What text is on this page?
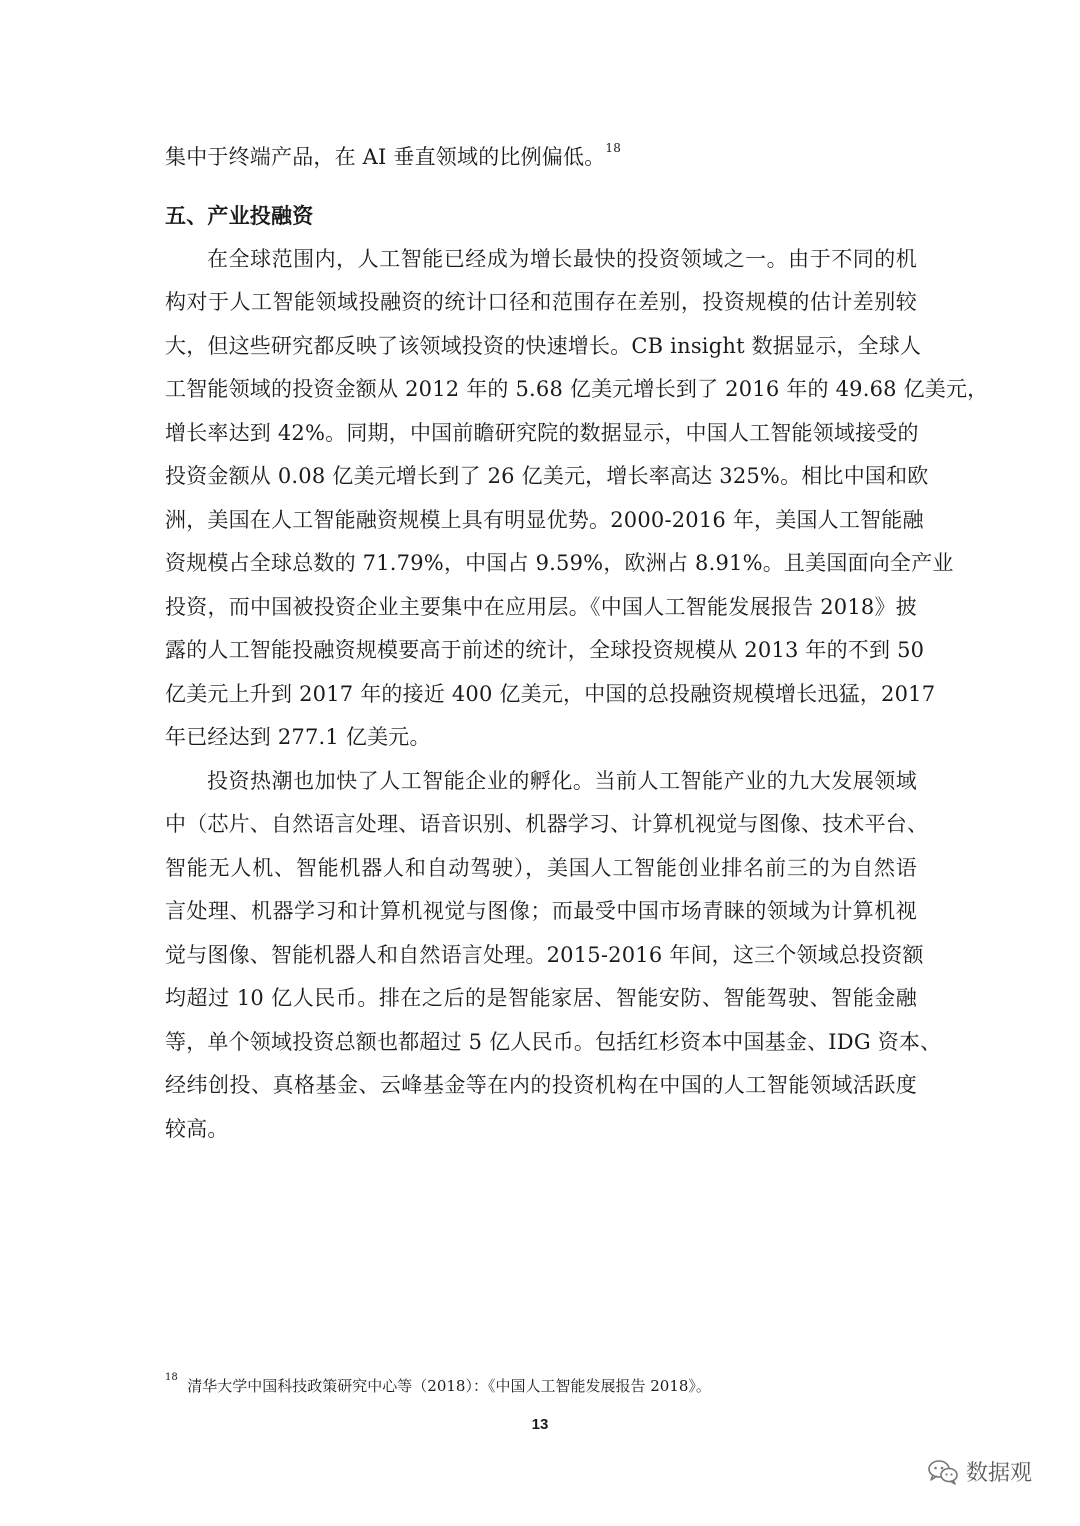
集中于终端产品，在 AI 垂直领域的比例偏低。$^{18}$
五、产业投融资
在全球范围内，人工智能已经成为增长最快的投资领域之一。由于不同的机
构对于人工智能领域投融资的统计口径和范围存在差别，投资规模的估计差别较
大，但这些研究都反映了该领域投资的快速增长。CB insight 数据显示，全球人
工智能领域的投资金额从 2012 年的 5.68 亿美元增长到了 2016 年的 49.68 亿美元，
增长率达到 42%。同期，中国前瞻研究院的数据显示，中国人工智能领域接受的
投资金额从 0.08 亿美元增长到了 26 亿美元，增长率高达 325%。相比中国和欧
洲，美国在人工智能融资规模上具有明显优势。2000-2016 年，美国人工智能融
资规模占全球总数的 71.79%，中国占 9.59%，欧洲占 8.91%。且美国面向全产业
投资，而中国被投资企业主要集中在应用层。《中国人工智能发展报告 2018》披
露的人工智能投融资规模要高于前述的统计，全球投资规模从 2013 年的不到 50
亿美元上升到 2017 年的接近 400 亿美元，中国的总投融资规模增长迅猛，2017
年已经达到 277.1 亿美元。
投资热潮也加快了人工智能企业的孵化。当前人工智能产业的九大发展领域
中（芯片、自然语言处理、语音识别、机器学习、计算机视觉与图像、技术平台、
智能无人机、智能机器人和自动驾驶），美国人工智能创业排名前三的为自然语
言处理、机器学习和计算机视觉与图像；而最受中国市场青睐的领域为计算机视
觉与图像、智能机器人和自然语言处理。2015-2016 年间，这三个领域总投资额
均超过 10 亿人民币。排在之后的是智能家居、智能安防、智能驾驶、智能金融
等，单个领域投资总额也都超过 5 亿人民币。包括红杉资本中国基金、IDG 资本、
经纬创投、真格基金、云峰基金等在内的投资机构在中国的人工智能领域活跃度
较高。
$^{18}$ 清华大学中国科技政策研究中心等（2018）：《中国人工智能发展报告 2018》。
13
数据观
